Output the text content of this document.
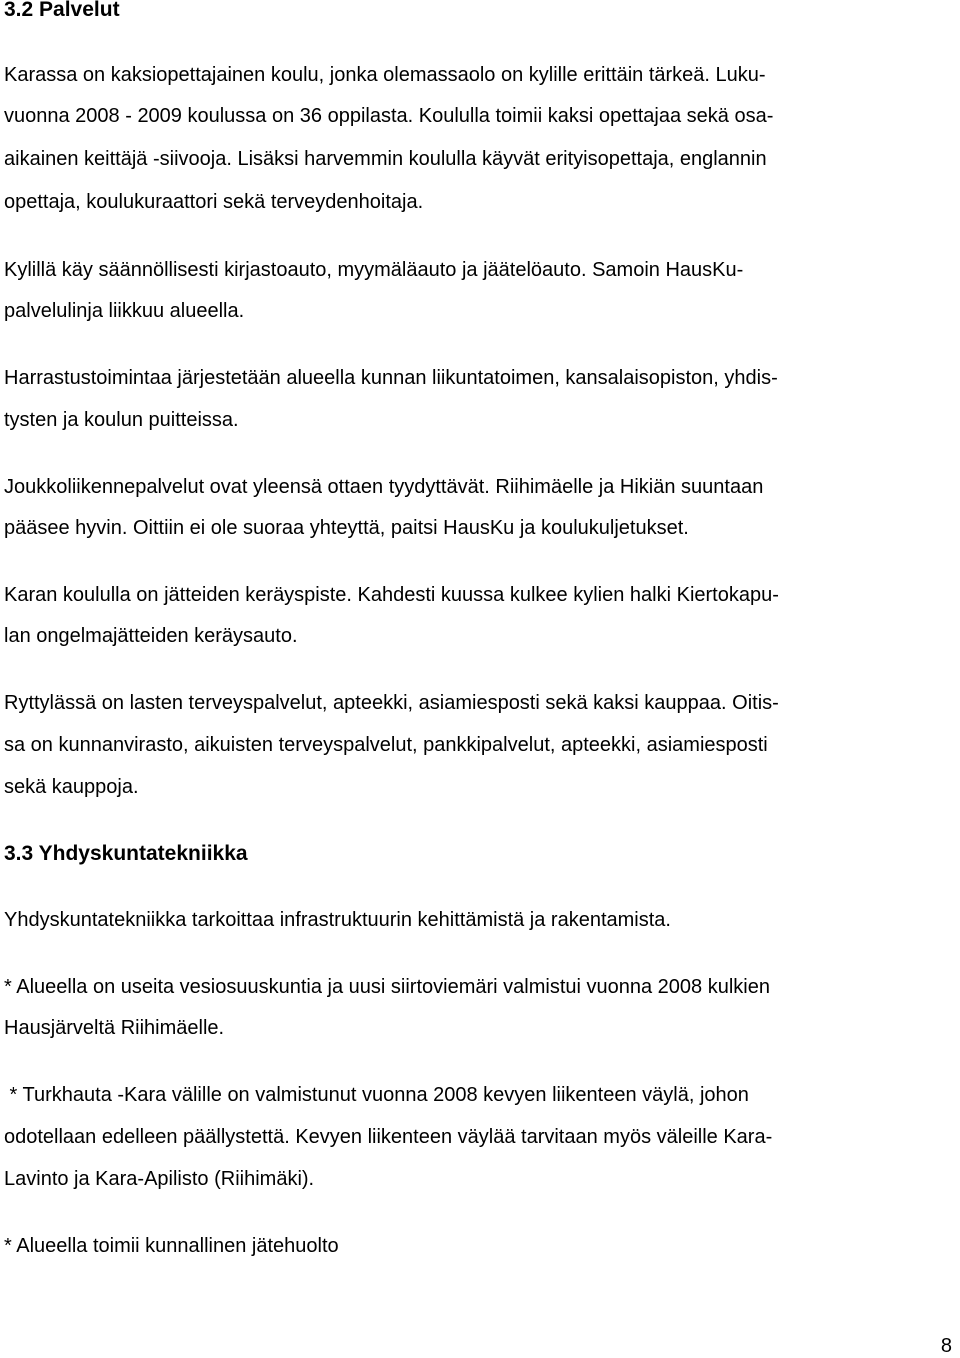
3.2 Palvelut

Karassa on kaksiopettajainen koulu, jonka olemassaolo on kylille erittäin tärkeä. Luku-

vuonna 2008 - 2009 koulussa on 36 oppilasta. Koululla toimii kaksi opettajaa sekä osa-

aikainen keittäjä -siivooja. Lisäksi harvemmin koululla käyvät erityisopettaja, englannin

opettaja, koulukuraattori sekä terveydenhoitaja.

Kylillä käy säännöllisesti kirjastoauto, myymäläauto ja jäätelöauto. Samoin HausKu-

palvelulinja liikkuu alueella.

Harrastustoimintaa järjestetään alueella kunnan liikuntatoimen, kansalaisopiston, yhdis-

tysten ja koulun puitteissa.

Joukkoliikennepalvelut ovat yleensä ottaen tyydyttävät. Riihimäelle ja Hikiän suuntaan

pääsee hyvin. Oittiin ei ole suoraa yhteyttä, paitsi HausKu ja koulukuljetukset.

Karan koululla on jätteiden keräyspiste. Kahdesti kuussa kulkee kylien halki Kiertokapu-

lan ongelmajätteiden keräysauto.

Ryttylässä on lasten terveyspalvelut, apteekki, asiamiesposti sekä kaksi kauppaa. Oitis-

sa on kunnanvirasto, aikuisten terveyspalvelut, pankkipalvelut, apteekki, asiamiesposti

sekä kauppoja.

3.3 Yhdyskuntatekniikka

Yhdyskuntatekniikka tarkoittaa infrastruktuurin kehittämistä ja rakentamista.

* Alueella on useita vesiosuuskuntia ja uusi siirtoviemäri valmistui vuonna 2008 kulkien

Hausjärveltä Riihimäelle.

* Turkhauta -Kara välille on valmistunut vuonna 2008 kevyen liikenteen väylä, johon

odotellaan edelleen päällystettä. Kevyen liikenteen väylää tarvitaan myös väleille Kara-

Lavinto ja Kara-Apilisto (Riihimäki).

* Alueella toimii kunnallinen jätehuolto

8
